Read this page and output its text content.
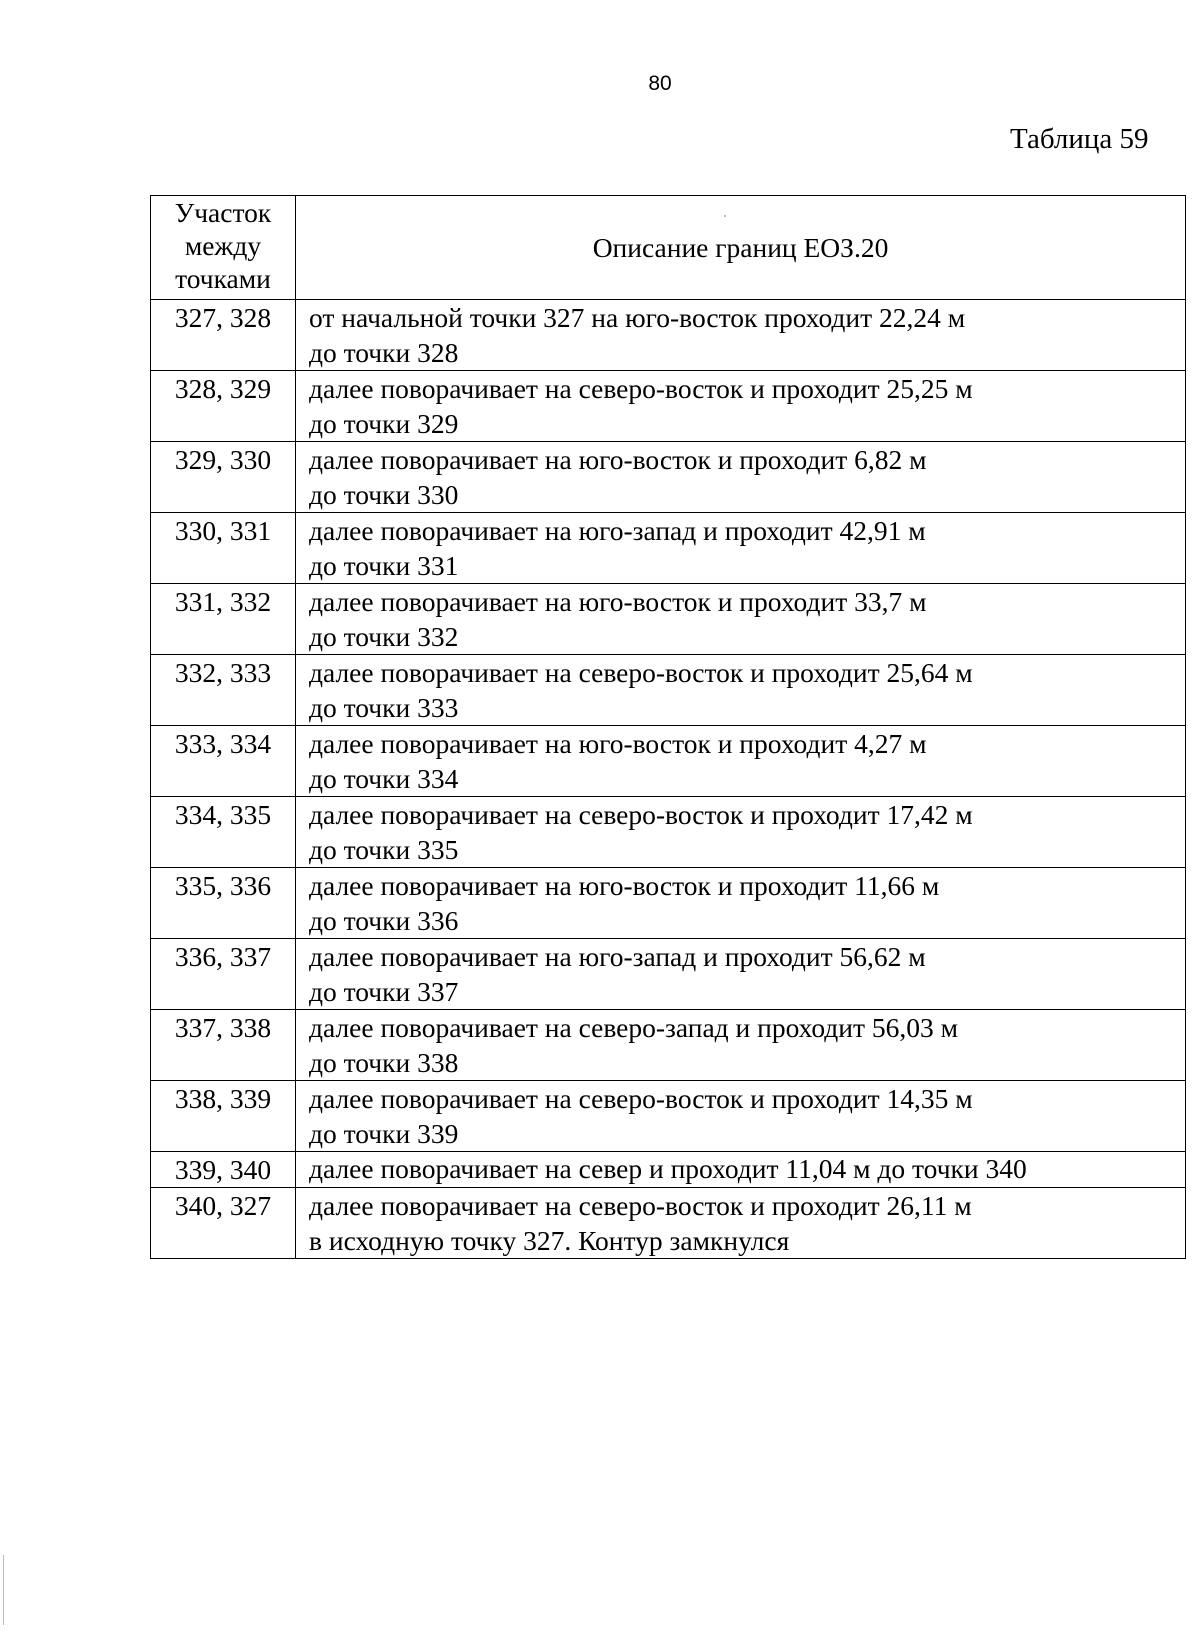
80
Таблица 59
Участок
между
точками	Описание границ ЕОЗ.20
327, 328	от начальной точки 327 на юго-восток проходит 22,24 м
до точки 328

328, 329	далее поворачивает на северо-восток и проходит 25,25 м
до точки 329

329, 330	далее поворачивает на юго-восток и проходит 6,82 м
до точки 330

330, 331	далее поворачивает на юго-запад и проходит 42,91 м
до точки 331

331, 332	далее поворачивает на юго-восток и проходит 33,7 м
до точки 332

332, 333	далее поворачивает на северо-восток и проходит 25,64 м
до точки 333

333, 334	далее поворачивает на юго-восток и проходит 4,27 м
до точки 334

334, 335	далее поворачивает на северо-восток и проходит 17,42 м
до точки 335

335, 336	далее поворачивает на юго-восток и проходит 11,66 м
до точки 336

336, 337	далее поворачивает на юго-запад и проходит 56,62 м
до точки 337

337, 338	далее поворачивает на северо-запад и проходит 56,03 м
до точки 338

338, 339	далее поворачивает на северо-восток и проходит 14,35 м
до точки 339

339, 340	далее поворачивает на север и проходит 11,04 м до точки 340

340, 327	далее поворачивает на северо-восток и проходит 26,11 м
в исходную точку 327. Контур замкнулся
